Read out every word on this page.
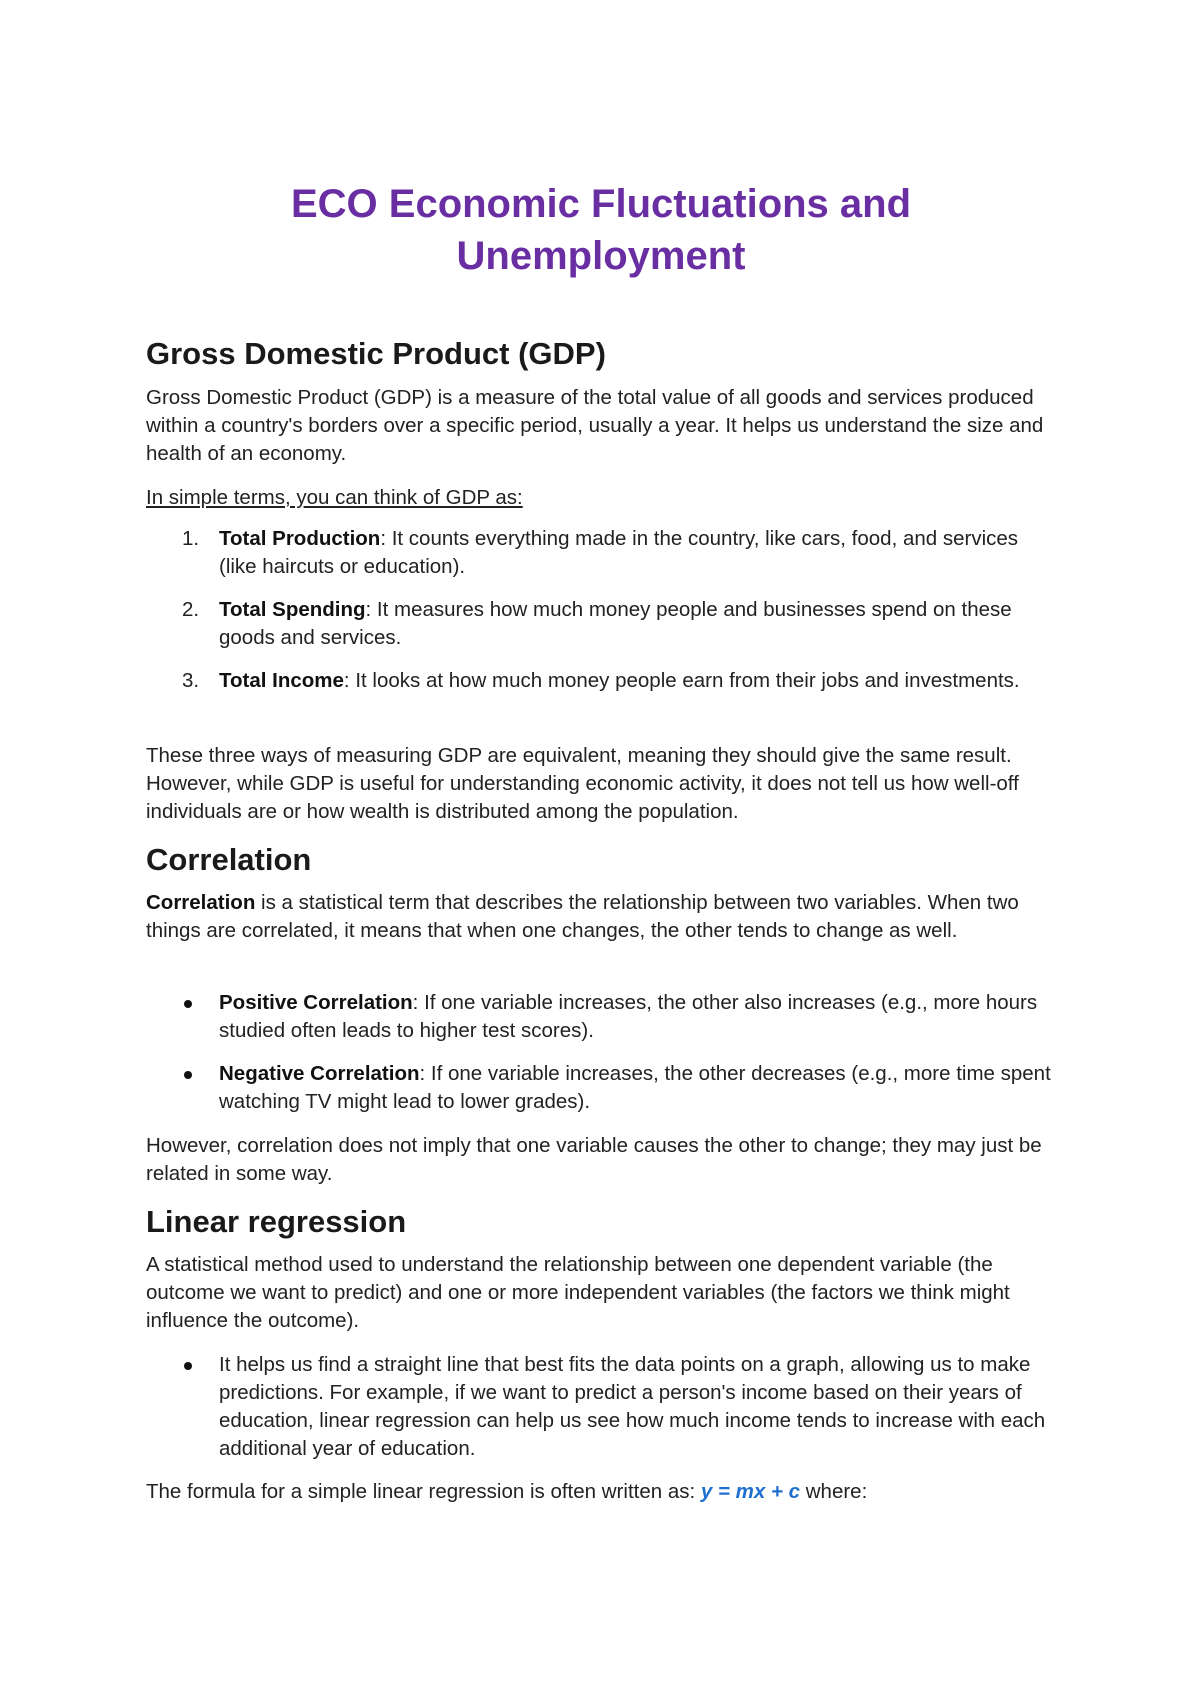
ECO Economic Fluctuations and
Unemployment
Gross Domestic Product (GDP)

Gross Domestic Product (GDP) is a measure of the total value of all goods and services produced within a country's borders over a specific period, usually a year. It helps us understand the size and health of an economy.

In simple terms, you can think of GDP as:

1. Total Production: It counts everything made in the country, like cars, food, and services (like haircuts or education).
2. Total Spending: It measures how much money people and businesses spend on these goods and services.
3. Total Income: It looks at how much money people earn from their jobs and investments.

These three ways of measuring GDP are equivalent, meaning they should give the same result. However, while GDP is useful for understanding economic activity, it does not tell us how well-off individuals are or how wealth is distributed among the population.

Correlation

Correlation is a statistical term that describes the relationship between two variables. When two things are correlated, it means that when one changes, the other tends to change as well.

Positive Correlation: If one variable increases, the other also increases (e.g., more hours studied often leads to higher test scores).
Negative Correlation: If one variable increases, the other decreases (e.g., more time spent watching TV might lead to lower grades).

However, correlation does not imply that one variable causes the other to change; they may just be related in some way.

Linear regression

A statistical method used to understand the relationship between one dependent variable (the outcome we want to predict) and one or more independent variables (the factors we think might influence the outcome).

It helps us find a straight line that best fits the data points on a graph, allowing us to make predictions. For example, if we want to predict a person's income based on their years of education, linear regression can help us see how much income tends to increase with each additional year of education.

The formula for a simple linear regression is often written as: y = mx + c where:
